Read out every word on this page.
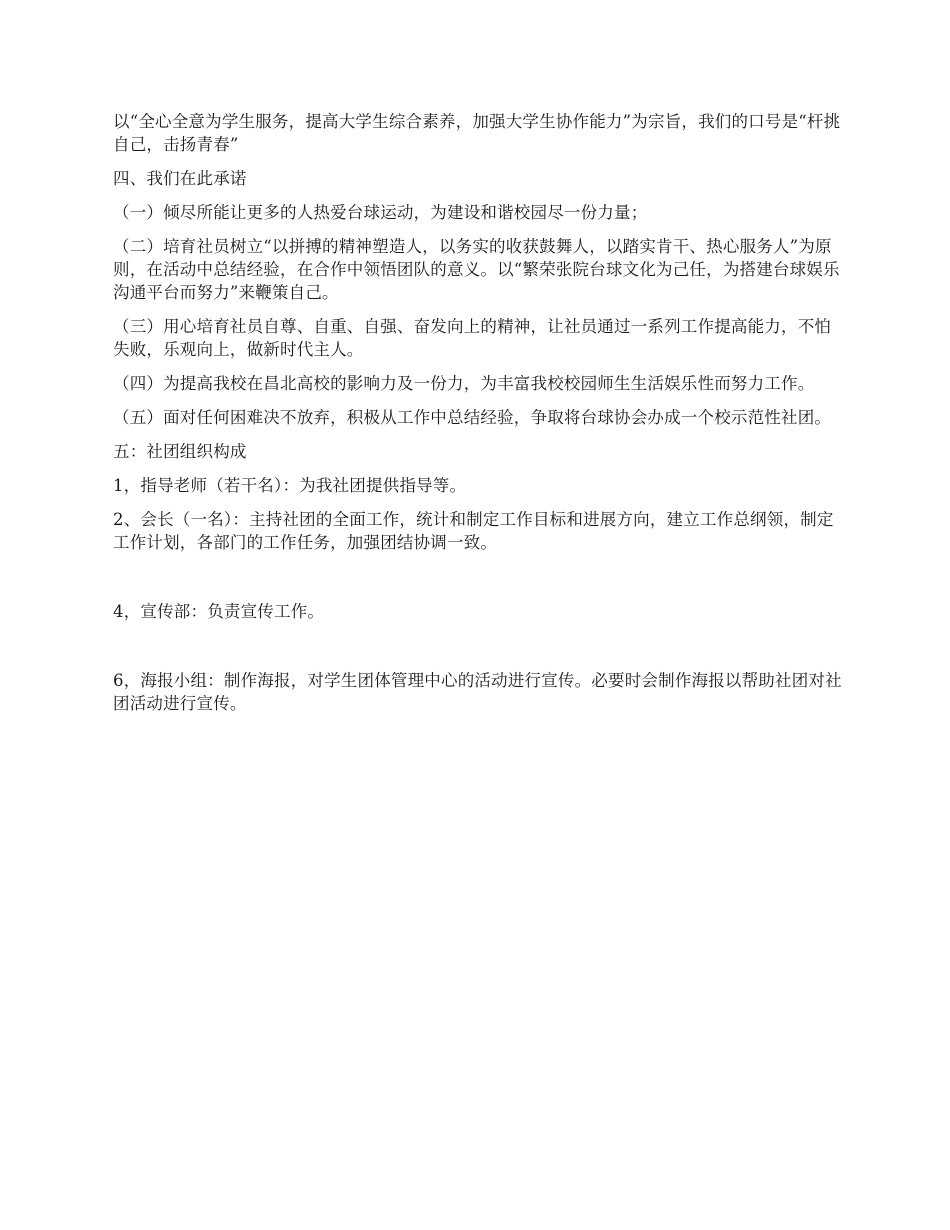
以“全心全意为学生服务，提高大学生综合素养，加强大学生协作能力”为宗旨，我们的口号是“杆挑自己，击扬青春”

四、我们在此承诺

（一）倾尽所能让更多的人热爱台球运动，为建设和谐校园尽一份力量；

（二）培育社员树立“以拼搏的精神塑造人，以务实的收获鼓舞人，以踏实肯干、热心服务人”为原则，在活动中总结经验，在合作中领悟团队的意义。以“繁荣张院台球文化为己任，为搭建台球娱乐沟通平台而努力”来鞭策自己。

（三）用心培育社员自尊、自重、自强、奋发向上的精神，让社员通过一系列工作提高能力，不怕失败，乐观向上，做新时代主人。

（四）为提高我校在昌北高校的影响力及一份力，为丰富我校校园师生生活娱乐性而努力工作。

（五）面对任何困难决不放弃，积极从工作中总结经验，争取将台球协会办成一个校示范性社团。

五：社团组织构成

1，指导老师（若干名）：为我社团提供指导等。

2、会长（一名）：主持社团的全面工作，统计和制定工作目标和进展方向，建立工作总纲领，制定工作计划，各部门的工作任务，加强团结协调一致。

4，宣传部：负责宣传工作。

6，海报小组：制作海报，对学生团体管理中心的活动进行宣传。必要时会制作海报以帮助社团对社团活动进行宣传。
